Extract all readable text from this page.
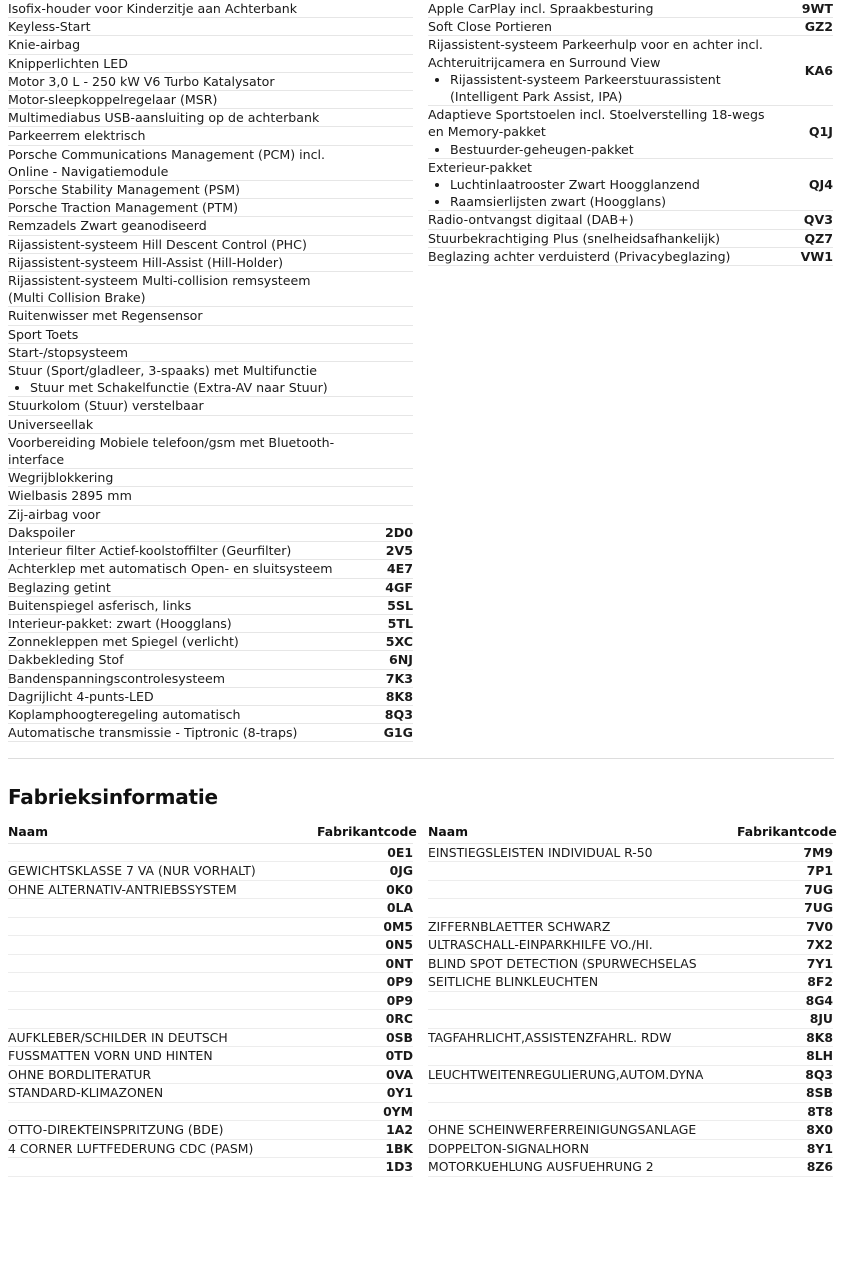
Isofix-houder voor Kinderzitje aan Achterbank	
Keyless-Start	
Knie-airbag	
Knipperlichten LED	
Motor 3,0 L - 250 kW V6 Turbo Katalysator	
Motor-sleepkoppelregelaar (MSR)	
Multimediabus USB-aansluiting op de achterbank	
Parkeerrem elektrisch	
Porsche Communications Management (PCM) incl. Online - Navigatiemodule	
Porsche Stability Management (PSM)	
Porsche Traction Management (PTM)	
Remzadels Zwart geanodiseerd	
Rijassistent-systeem Hill Descent Control (PHC)	
Rijassistent-systeem Hill-Assist (Hill-Holder)	
Rijassistent-systeem Multi-collision remsysteem (Multi Collision Brake)	
Ruitenwisser met Regensensor	
Sport Toets	
Start-/stopsysteem	
Stuur (Sport/gladleer, 3-spaaks) met Multifunctie
• Stuur met Schakelfunctie (Extra-AV naar Stuur)

Stuurkolom (Stuur) verstelbaar	
Universeellak	
Voorbereiding Mobiele telefoon/gsm met Bluetooth-interface	
Wegrijblokkering	
Wielbasis 2895 mm	
Zij-airbag voor	
Dakspoiler	2D0
Interieur filter Actief-koolstoffilter (Geurfilter)	2V5
Achterklep met automatisch Open- en sluitsysteem	4E7
Beglazing getint	4GF
Buitenspiegel asferisch, links	5SL
Interieur-pakket: zwart (Hoogglans)	5TL
Zonnekleppen met Spiegel (verlicht)	5XC
Dakbekleding Stof	6NJ
Bandenspanningscontrolesysteem	7K3
Dagrijlicht 4-punts-LED	8K8
Koplamphoogteregeling automatisch	8Q3
Automatische transmissie - Tiptronic (8-traps)	G1G
Apple CarPlay incl. Spraakbesturing	9WT
Soft Close Portieren	GZ2
Rijassistent-systeem Parkeerhulp voor en achter incl. Achteruitrijcamera en Surround View
• Rijassistent-systeem Parkeerstuurassistent (Intelligent Park Assist, IPA)
	KA6
Adaptieve Sportstoelen incl. Stoelverstelling 18-wegs en Memory-pakket
• Bestuurder-geheugen-pakket
	Q1J
Exterieur-pakket
• Luchtinlaatrooster Zwart Hoogglanzend
• Raamsierlijsten zwart (Hoogglans)
	QJ4
Radio-ontvangst digitaal (DAB+)	QV3
Stuurbekrachtiging Plus (snelheidsafhankelijk)	QZ7
Beglazing achter verduisterd (Privacybeglazing)	VW1
Fabrieksinformatie
Naam	Fabrikantcode
	0E1
GEWICHTSKLASSE 7 VA (NUR VORHALT)	0JG
OHNE ALTERNATIV-ANTRIEBSSYSTEM	0K0
	0LA
	0M5
	0N5
	0NT
	0P9
	0P9
	0RC
AUFKLEBER/SCHILDER IN DEUTSCH	0SB
FUSSMATTEN VORN UND HINTEN	0TD
OHNE BORDLITERATUR	0VA
STANDARD-KLIMAZONEN	0Y1
	0YM
OTTO-DIREKTEINSPRITZUNG (BDE)	1A2
4 CORNER LUFTFEDERUNG CDC (PASM)	1BK
	1D3
Naam	Fabrikantcode
EINSTIEGSLEISTEN INDIVIDUAL R-50	7M9
	7P1
	7UG
	7UG
ZIFFERNBLAETTER SCHWARZ	7V0
ULTRASCHALL-EINPARKHILFE VO./HI.	7X2
BLIND SPOT DETECTION (SPURWECHSELAS	7Y1
SEITLICHE BLINKLEUCHTEN	8F2
	8G4
	8JU
TAGFAHRLICHT,ASSISTENZFAHRL. RDW	8K8
	8LH
LEUCHTWEITENREGULIERUNG,AUTOM.DYNA	8Q3
	8SB
	8T8
OHNE SCHEINWERFERREINIGUNGSANLAGE	8X0
DOPPELTON-SIGNALHORN	8Y1
MOTORKUEHLUNG AUSFUEHRUNG 2	8Z6
